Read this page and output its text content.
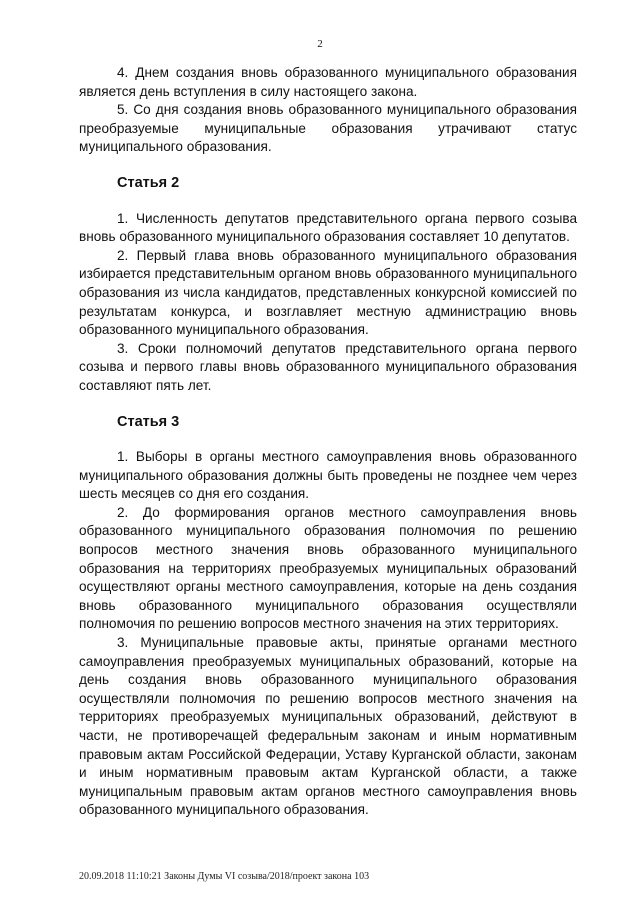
2

4. Днем создания вновь образованного муниципального образования является день вступления в силу настоящего закона.

5. Со дня создания вновь образованного муниципального образования преобразуемые муниципальные образования утрачивают статус муниципального образования.

Статья 2

1. Численность депутатов представительного органа первого созыва вновь образованного муниципального образования составляет 10 депутатов.

2. Первый глава вновь образованного муниципального образования избирается представительным органом вновь образованного муниципального образования из числа кандидатов, представленных конкурсной комиссией по результатам конкурса, и возглавляет местную администрацию вновь образованного муниципального образования.

3. Сроки полномочий депутатов представительного органа первого созыва и первого главы вновь образованного муниципального образования составляют пять лет.

Статья 3

1. Выборы в органы местного самоуправления вновь образованного муниципального образования должны быть проведены не позднее чем через шесть месяцев со дня его создания.

2. До формирования органов местного самоуправления вновь образованного муниципального образования полномочия по решению вопросов местного значения вновь образованного муниципального образования на территориях преобразуемых муниципальных образований осуществляют органы местного самоуправления, которые на день создания вновь образованного муниципального образования осуществляли полномочия по решению вопросов местного значения на этих территориях.

3. Муниципальные правовые акты, принятые органами местного самоуправления преобразуемых муниципальных образований, которые на день создания вновь образованного муниципального образования осуществляли полномочия по решению вопросов местного значения на территориях преобразуемых муниципальных образований, действуют в части, не противоречащей федеральным законам и иным нормативным правовым актам Российской Федерации, Уставу Курганской области, законам и иным нормативным правовым актам Курганской области, а также муниципальным правовым актам органов местного самоуправления вновь образованного муниципального образования.

20.09.2018 11:10:21 Законы Думы VI созыва/2018/проект закона 103
